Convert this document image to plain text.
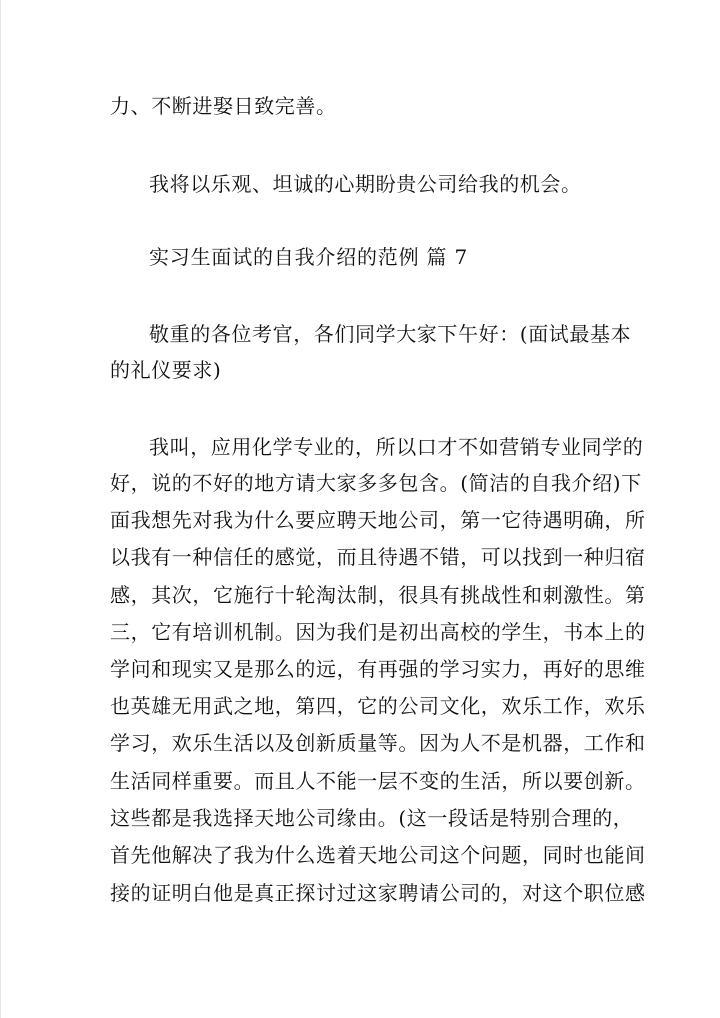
力、不断进娶日致完善。
我将以乐观、坦诚的心期盼贵公司给我的机会。
实习生面试的自我介绍的范例 篇 7
敬重的各位考官，各们同学大家下午好：(面试最基本
的礼仪要求)
我叫，应用化学专业的，所以口才不如营销专业同学的
好，说的不好的地方请大家多多包含。(简洁的自我介绍)下
面我想先对我为什么要应聘天地公司，第一它待遇明确，所
以我有一种信任的感觉，而且待遇不错，可以找到一种归宿
感，其次，它施行十轮淘汰制，很具有挑战性和刺激性。第
三，它有培训机制。因为我们是初出高校的学生，书本上的
学问和现实又是那么的远，有再强的学习实力，再好的思维
也英雄无用武之地，第四，它的公司文化，欢乐工作，欢乐
学习，欢乐生活以及创新质量等。因为人不是机器，工作和
生活同样重要。而且人不能一层不变的生活，所以要创新。
这些都是我选择天地公司缘由。(这一段话是特别合理的，
首先他解决了我为什么选着天地公司这个问题，同时也能间
接的证明白他是真正探讨过这家聘请公司的，对这个职位感
